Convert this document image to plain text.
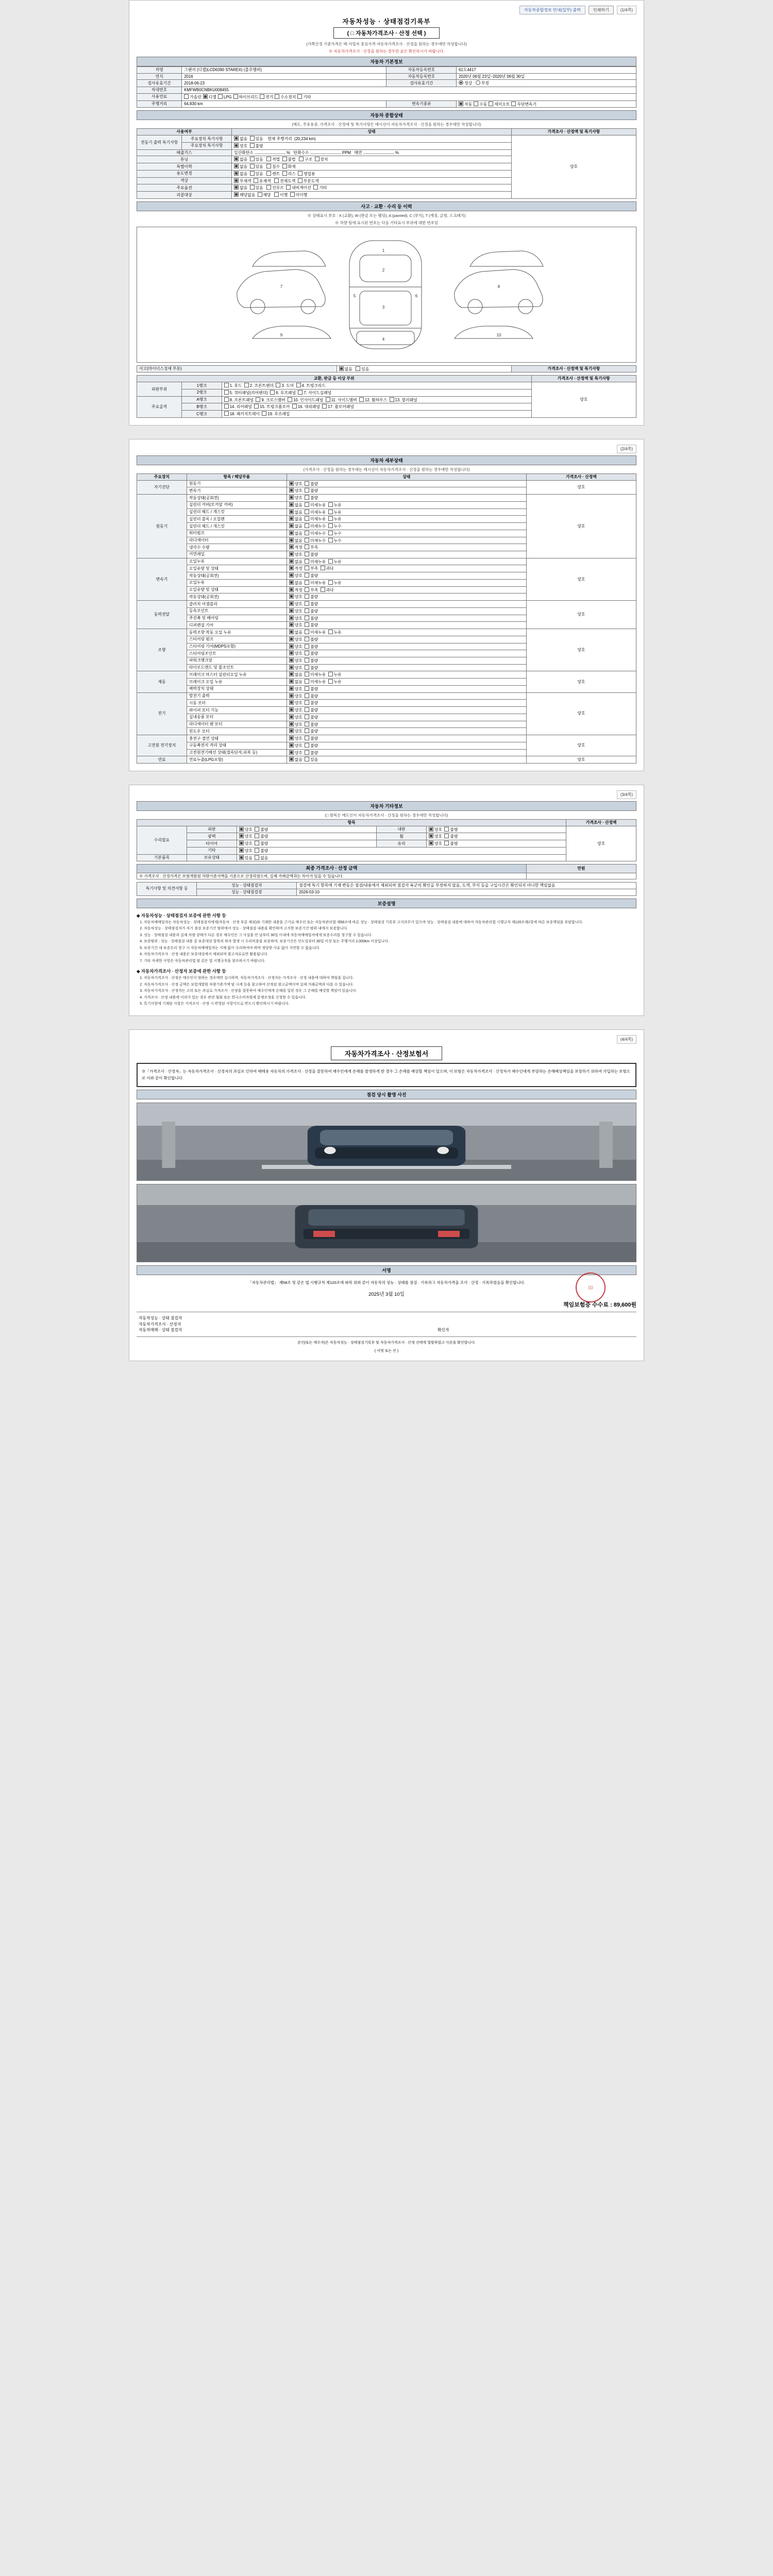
자동차종합정보 안내(일부) 출력	인쇄하기	(1/4쪽)
자동차성능 · 상태점검기록부
( □ 자동차가격조사 · 산정 선택 )
(가쪽산정 기준가격은 매·사업자 중심가격 자동차가격조사 · 산정을 원하는 경우에만 작성합니다)
※ 자동차가격조사 · 산정을 원하는 경우만 굵은 확인하시기 바랍니다.
자동차 기본정보
차명	그랜저 (디젤)LCD6390 STAREX) (블루멤버)	자동차등록번호	61도4417
연식	2016	자동차등록번호	2020년 06월 23일~2020년 06월 30일
검사유효기간	2018-06-23	검사유효기간	정상 부정
차대번호	KMFWB0CNBKU008455		
사용연료	가솔린	디젤	LPG	하이브리드	전기	수소전지	기타

주행거리	64,830 km	변속기종류	자동 수동 세미오토 무단변속기
자동차 종합상태
(매도, 주유용중, 가격조사 · 산정에 및 특가사양은 매시선이 자동차가격조사 · 산정을 원하는 경우에만 작성합니다)
사용여부		상태	가격조사 · 산정액 및 특기사항
전동기 출력 특기사항	주요장치 특기사항	없음 있음 현재 주행거리 (20,234 km)	양호
	주요장치 특기사항	양호 불량	
배출가스		일산화탄소 % 탄화수소 PPM 매연 %	
튜닝		없음 있음 적법 불법 구조 장치	
특별이력		없음 있음 침수 화재	
용도변경		없음 있음 렌트 리스 영업용	
색상		무채색 유채색 전체도색 부분도색	
주요옵션		없음 있음 선루프 내비게이션 기타	
리콜대상		해당없음 해당 이행 미이행	
사고 · 교환 · 수리 등 이력
※ 상태표시 부호 : X (교환), W (판금 또는 웰딩), A (painted), C (부식), T (깨짐, 긁힘, 스크래치)
※ 차량 팀에 표시된 번호는 다음 기타표시 부위에 대한 번호임
1
2
3
4
5	6
7	8
9	10
사고(마이너스성세 부분)	없음 있음	가격조사 · 산정액 및 특기사항
교환, 판금 등 이상 부위			가격조사 · 산정액 및 특기사항
외판부위	1랭크	1. 후드 2. 프론트펜더 3. 도어 4. 트렁크리드	양호
	2랭크	5. 쿼터패널(리어펜더) 6. 루프패널 7. 사이드실패널	
주요골격	A랭크	8. 프론트패널 9. 크로스멤버 10. 인사이드패널 11. 사이드멤버 12. 휠하우스 13. 필러패널	
	B랭크	14. 리어패널 15. 트렁크플로어 16. 대쉬패널 17. 플로어패널	
	C랭크	18. 패키지트레이 19. 루프레일	
(2/4쪽)
자동차 세부상태
(가격조사 · 산정을 원하는 경우에는 매시선이 자동차가격조사 · 산정을 원하는 경우에만 작성합니다)
주요장치	항목 / 해당부품	상태	가격조사 · 산정액
자기진단	원동기	양호  불량	양호
	변속기	양호  불량	
원동기	작동상태(공회전)	양호  불량	양호
	실린더 커버(로커암 커버)	없음  미세누유  누유	
	실린더 헤드 / 개스킷	없음  미세누유  누유	
	실린더 블록 / 오일팬	없음  미세누유  누유	
	실린더 헤드 / 개스킷	없음  미세누수  누수	
	워터펌프	없음  미세누수  누수	
	라디에이터	없음  미세누수  누수	
	냉각수 수량	적정  부족	
	커먼레일	양호  불량	
변속기	오일누유	없음  미세누유  누유	양호
	오일유량 및 상태	적정  부족  과다	
	작동상태(공회전)	양호  불량	
	오일누유	없음  미세누유  누유	
	오일유량 및 상태	적정  부족  과다	
	작동상태(공회전)	양호  불량	
동력전달	클러치 어셈블리	양호  불량	양호
	등속조인트	양호  불량	
	추진축 및 베어링	양호  불량	
	디퍼렌셜 기어	양호  불량	
조향	동력조향 작동 오일 누유	없음  미세누유  누유	양호
	스티어링 펌프	양호  불량	
	스티어링 기어(MDPS포함)	양호  불량	
	스티어링조인트	양호  불량	
	파워크랭크암	양호  불량	
	타이로드엔드 및 볼조인트	양호  불량	
제동	브레이크 마스터 실린더오일 누유	없음  미세누유  누유	양호
	브레이크 오일 누유	없음  미세누유  누유	
	배력장치 상태	양호  불량	
전기	발전기 출력	양호  불량	양호
	시동 모터	양호  불량	
	와이퍼 모터 기능	양호  불량	
	실내송풍 모터	양호  불량	
	라디에이터 팬 모터	양호  불량	
	윈도우 모터	양호  불량	
고전원 전기장치	충전구 절연 상태	양호  불량	양호
	구동축전지 격리 상태	양호  불량	
	고전원전기배선 상태(접속단자,피복 등)	양호  불량	
연료	연료누출(LPG포함)	없음  있음	양호
(3/4쪽)
자동차 기타정보
(□ 항목은 매도인이 자동차가격조사 · 산정을 원하는 경우에만 작성합니다)
항목					가격조사 · 산정액
수리필요	외판	양호 불량	내판	양호 불량	양호
	광택	양호 불량	휠	양호 불량	
	타이어	양호 불량	유리	양호 불량	
	기타	양호 불량			
기본품목	보유상태	있음 없음			
최종 가격조사 · 산정 금액	만원
※ 가격조사 · 산정가격은 보험개발원 차량기준가액을 기준으로 산정하였으며, 실제 거래금액과는 차이가 있을 수 있습니다.	
특기사항 및 의견사항 등	성능 · 상태점검자	점검에 특기 항목에 기재 변동은 점검/내용에서 제외되며 점검자 육군의 확인을 부정하지 않음, 도색, 부식 등을 구입시간은 확인되지 아니한 책임없음
	성능 · 상태점검장	2026-03-10
보증설명
◈ 자동차성능 · 상태점검자 보증에 관한 사항 등
1. 자동차매매업자는 자동차성능 · 상태점검자에게(자동차 · 산정 부분 제외)와 기재한 내용을 근거로 매수인 또는 자동차관리법 제58조에 따른 성능 · 상태점검 기록부 고지의무가 있으며 성능 · 상태점검 내용에 대하여 자동차관리법 시행규칙 제120조제1항에 따른 보증책임을 부담합니다.
2. 자동차성능 · 상태점검자가 자기 점검 보증기간 범위에서 성능 · 상태점검 내용을 확인하여 고지한 보증기간 범위 내에서 보증합니다.
3. 성능 · 상태점검 내용과 실제 차량 상태가 다른 경우 매수인은 그 사실을 안 날부터 30일 이내에 자동차매매업자에게 보증수리를 청구할 수 있습니다.
4. 보증범위 : 성능 · 상태점검 내용 중 보증대상 항목의 하자 발생 시 수리비용을 보증하며, 보증기간은 인도일부터 30일 이상 또는 주행거리 2,000km 이상입니다.
5. 보증기간 내 보증수리 청구 시 자동차매매업자는 지체 없이 수리하여야 하며 정당한 사유 없이 지연할 수 없습니다.
6. 자동차가격조사 · 산정 내용은 보증대상에서 제외되며 참고자료로만 활용됩니다.
7. 기타 자세한 사항은 자동차관리법 및 같은 법 시행규칙을 참조하시기 바랍니다.
◈ 자동차가격조사 · 산정자 보증에 관한 사항 등
1. 자동차가격조사 · 산정은 매수인이 원하는 경우에만 실시하며, 자동차가격조사 · 산정자는 가격조사 · 산정 내용에 대하여 책임을 집니다.
2. 자동차가격조사 · 산정 금액은 보험개발원 차량기준가액 및 시세 등을 참고하여 산정된 참고금액이며 실제 거래금액과 다를 수 있습니다.
3. 자동차가격조사 · 산정자는 고의 또는 과실로 가격조사 · 산정을 잘못하여 매수인에게 손해를 입힌 경우 그 손해를 배상할 책임이 있습니다.
4. 가격조사 · 산정 내용에 이의가 있는 경우 관련 협회 또는 한국소비자원에 분쟁조정을 신청할 수 있습니다.
5. 특기사항에 기재된 사항은 가격조사 · 산정 시 반영된 사항이므로 반드시 확인하시기 바랍니다.
(4/4쪽)
자동차가격조사 · 산정보험서
※「가격조사 · 산정자」는 자동차가격조사 · 산정자의 과실로 인하여 매매용 자동차의 가격조사 · 산정을 잘못하여 매수인에게 손해를 발생하게 한 경우 그 손해를 배상할 책임이 있으며, 이 보험은 자동차가격조사 · 산정자가 매수인에게 부담하는 손해배상책임을 보장하기 위하여 가입하는 보험으로 이와 같이 확인합니다.
점검 당시 촬영 사진
서명
「자동차관리법」 제58조 및 같은 법 시행규칙 제120조에 따라 위와 같이 자동차의 성능 · 상태를 점검 · 기록하고 자동차가격을 조사 · 산정 · 기록하였음을 확인합니다.
2025년 3월 10일
책임보험증 수수료 : 89,600원
자동차성능 · 상태 점검자	
자동차가격조사 · 산정자	
자동차매매 · 상태 점검자	확인자
印
본인(또는 매수자)은 자동차성능 · 상태점검기록부 및 자동차가격조사 · 산정 선택에 열람하였고 사본을 확인합니다.
( 서명 또는 인 )
